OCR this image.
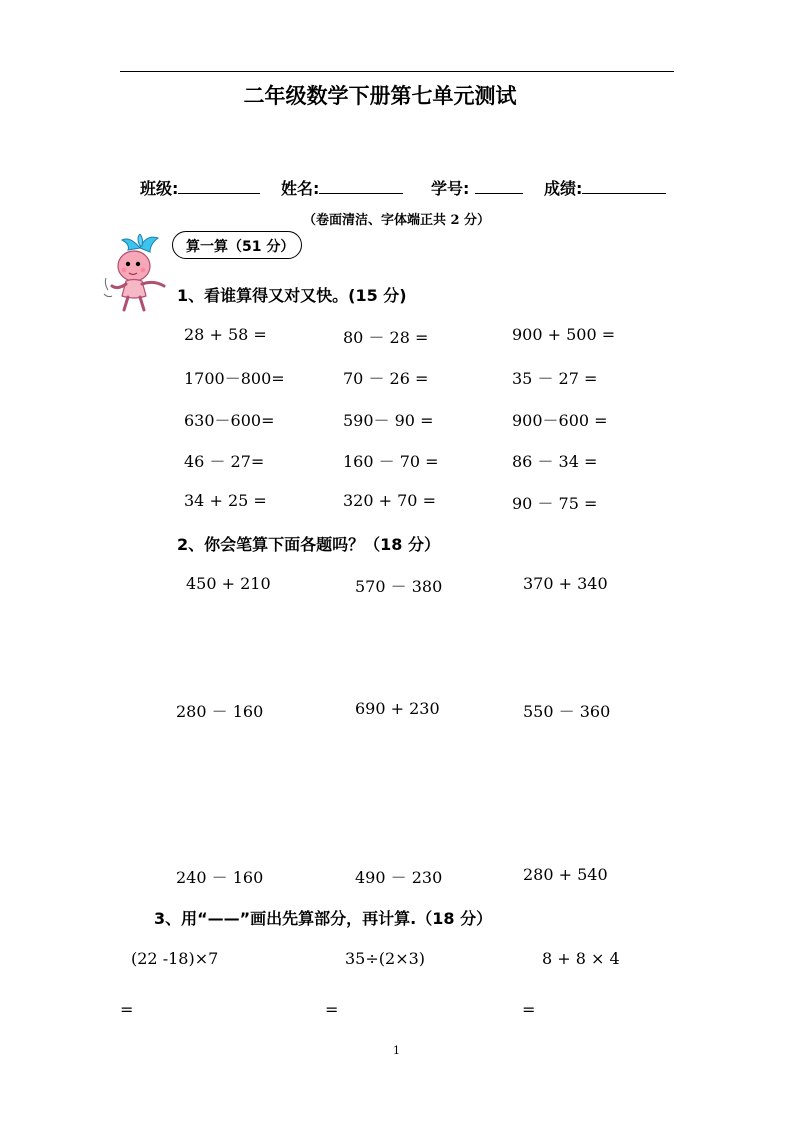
二年级数学下册第七单元测试
班级:	姓名:	学号:	成绩:
（卷面清洁、字体端正共 2 分）
算一算（51 分）
1、看谁算得又对又快。(15 分)
28 + 58 =	80 － 28 =	900 + 500 =
1700－800=	70 － 26 =	35 － 27 =
630－600=	590－ 90 =	900－600 =
46 － 27=	160 － 70 =	86 － 34 =
34 + 25 =	320 + 70 =	90 － 75 =
2、你会笔算下面各题吗？（18 分）
450 + 210	570 － 380	370 + 340
280 － 160	690 + 230	550 － 360
240 － 160	490 － 230	280 + 540
3、用“——”画出先算部分，再计算.（18 分）
(22 -18)×7	35÷(2×3)	8 + 8 × 4
=	=	=
1
